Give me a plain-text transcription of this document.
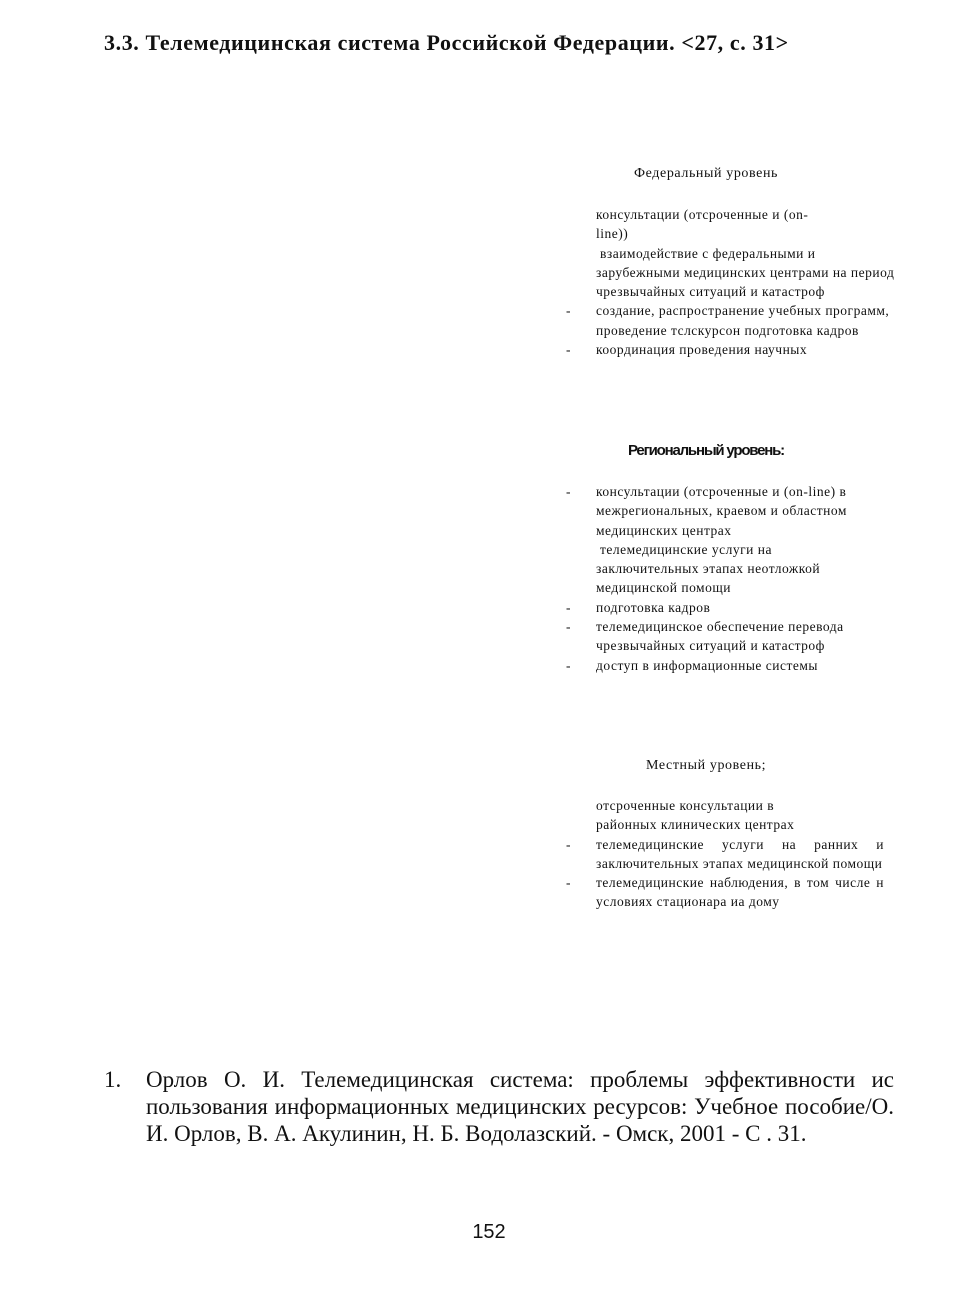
3.3. Телемедицинская система Российской Федерации. <27, с. 31>
Федеральный уровень
консультации (отсроченные и (on-line))
взаимодействие с федеральными и зарубежными медицинских центрами на период чрезвычайных ситуаций и катастроф
-	создание, распространение учебных программ, проведение тслскурсон подготовка кадров
-	координация проведения научных
Региональный уровень:
-	консультации (отсроченные и (on-line) в межрегиональных, краевом и областном медицинских центрах
телемедицинские услуги на заключительных этапах неотложкой медицинской помощи
-	подготовка кадров
-	телемедицинское обеспечение перевода чрезвычайных ситуаций и катастроф
-	доступ в информационные системы
Местный уровень;
отсроченные консультации в районных клинических центрах
-	телемедицинские услуги на ранних и заключительных этапах медицинской помощи
-	телемедицинские наблюдения, в том числе н условиях стационара иа дому
1. Орлов О. И. Телемедицинская система: проблемы эффективности ис пользования информационных медицинских ресурсов: Учебное пособие/О. И. Орлов, В. А. Акулинин, Н. Б. Водолазский. - Омск, 2001 - С . 31.
152
